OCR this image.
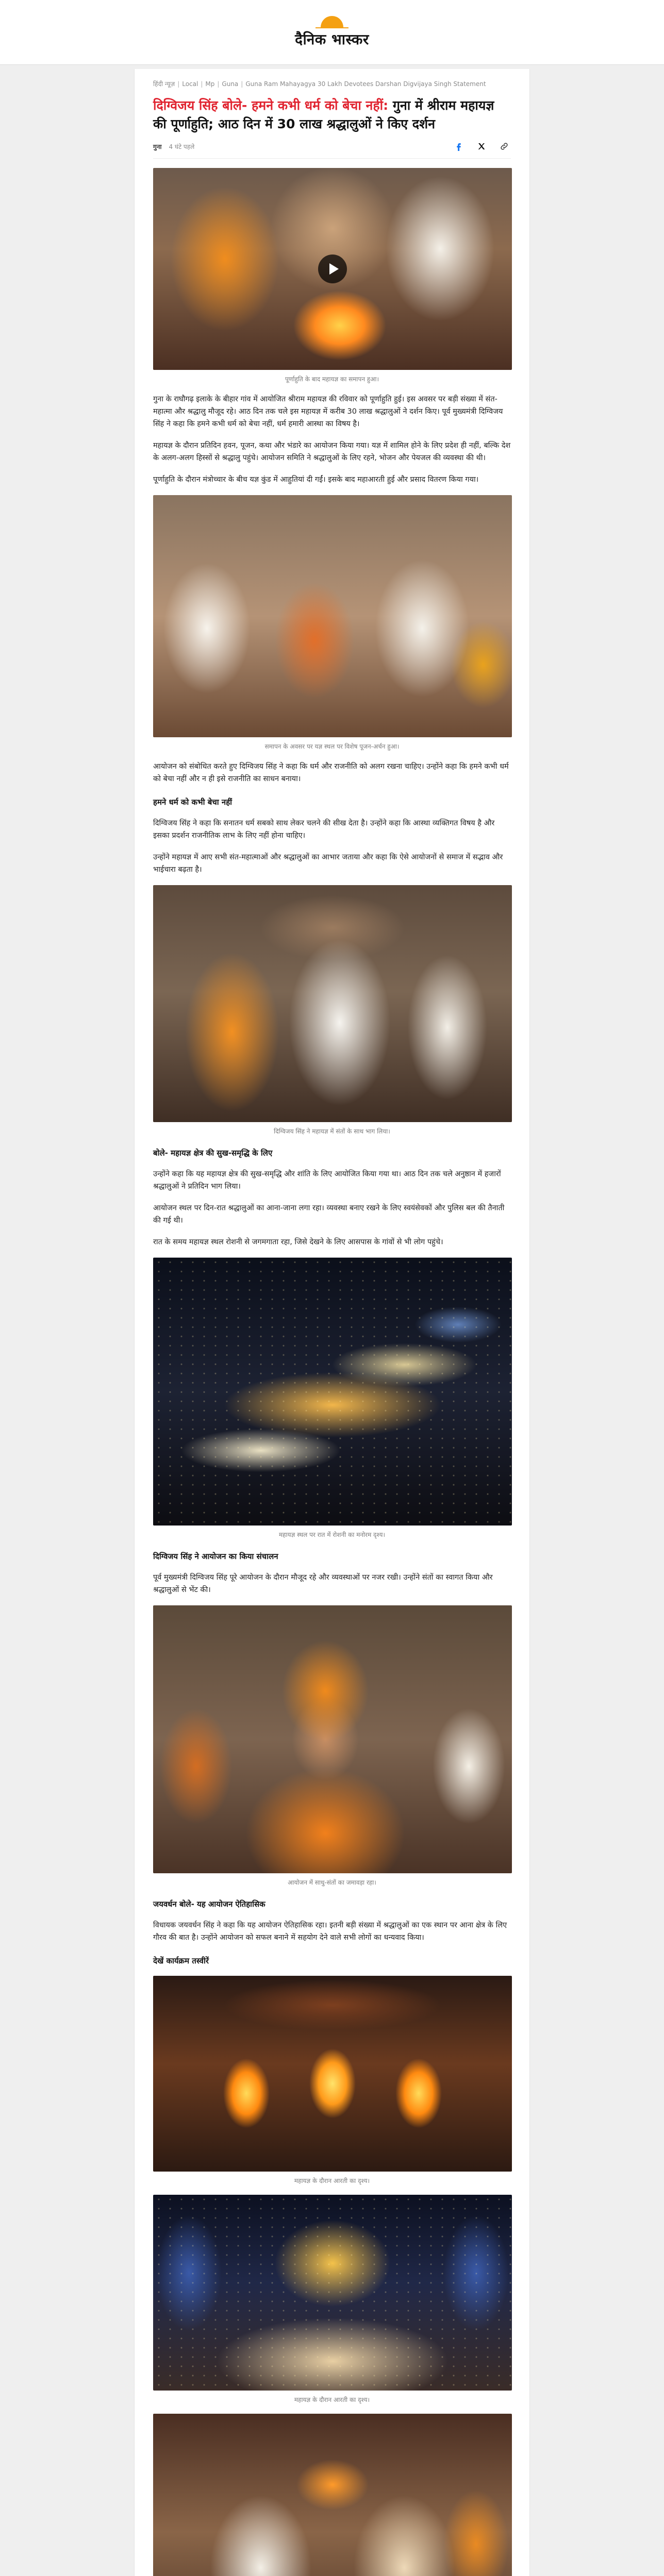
दैनिक भास्कर
हिंदी न्यूज़ | Local | Mp | Guna | Guna Ram Mahayagya 30 Lakh Devotees Darshan Digvijaya Singh Statement
दिग्विजय सिंह बोले- हमने कभी धर्म को बेचा नहीं: गुना में श्रीराम महायज्ञ की पूर्णाहुति; आठ दिन में 30 लाख श्रद्धालुओं ने किए दर्शन
गुना 4 घंटे पहले
पूर्णाहुति के बाद महायज्ञ का समापन हुआ।

गुना के राघौगढ़ इलाके के बीहार गांव में आयोजित श्रीराम महायज्ञ की रविवार को पूर्णाहुति हुई। इस अवसर पर बड़ी संख्या में संत-महात्मा और श्रद्धालु मौजूद रहे। आठ दिन तक चले इस महायज्ञ में करीब 30 लाख श्रद्धालुओं ने दर्शन किए। पूर्व मुख्यमंत्री दिग्विजय सिंह ने कहा कि हमने कभी धर्म को बेचा नहीं, धर्म हमारी आस्था का विषय है।

महायज्ञ के दौरान प्रतिदिन हवन, पूजन, कथा और भंडारे का आयोजन किया गया। यज्ञ में शामिल होने के लिए प्रदेश ही नहीं, बल्कि देश के अलग-अलग हिस्सों से श्रद्धालु पहुंचे। आयोजन समिति ने श्रद्धालुओं के लिए रहने, भोजन और पेयजल की व्यवस्था की थी।

पूर्णाहुति के दौरान मंत्रोच्चार के बीच यज्ञ कुंड में आहुतियां दी गईं। इसके बाद महाआरती हुई और प्रसाद वितरण किया गया।

समापन के अवसर पर यज्ञ स्थल पर विशेष पूजन-अर्चन हुआ।

आयोजन को संबोधित करते हुए दिग्विजय सिंह ने कहा कि धर्म और राजनीति को अलग रखना चाहिए। उन्होंने कहा कि हमने कभी धर्म को बेचा नहीं और न ही इसे राजनीति का साधन बनाया।

हमने धर्म को कभी बेचा नहीं

दिग्विजय सिंह ने कहा कि सनातन धर्म सबको साथ लेकर चलने की सीख देता है। उन्होंने कहा कि आस्था व्यक्तिगत विषय है और इसका प्रदर्शन राजनीतिक लाभ के लिए नहीं होना चाहिए।

उन्होंने महायज्ञ में आए सभी संत-महात्माओं और श्रद्धालुओं का आभार जताया और कहा कि ऐसे आयोजनों से समाज में सद्भाव और भाईचारा बढ़ता है।

दिग्विजय सिंह ने महायज्ञ में संतों के साथ भाग लिया।
बोले- महायज्ञ क्षेत्र की सुख-समृद्धि के लिए

उन्होंने कहा कि यह महायज्ञ क्षेत्र की सुख-समृद्धि और शांति के लिए आयोजित किया गया था। आठ दिन तक चले अनुष्ठान में हजारों श्रद्धालुओं ने प्रतिदिन भाग लिया।

आयोजन स्थल पर दिन-रात श्रद्धालुओं का आना-जाना लगा रहा। व्यवस्था बनाए रखने के लिए स्वयंसेवकों और पुलिस बल की तैनाती की गई थी।

रात के समय महायज्ञ स्थल रोशनी से जगमगाता रहा, जिसे देखने के लिए आसपास के गांवों से भी लोग पहुंचे।

महायज्ञ स्थल पर रात में रोशनी का मनोरम दृश्य।
दिग्विजय सिंह ने आयोजन का किया संचालन

पूर्व मुख्यमंत्री दिग्विजय सिंह पूरे आयोजन के दौरान मौजूद रहे और व्यवस्थाओं पर नजर रखी। उन्होंने संतों का स्वागत किया और श्रद्धालुओं से भेंट की।

आयोजन में साधु-संतों का जमावड़ा रहा।
जयवर्धन बोले- यह आयोजन ऐतिहासिक

विधायक जयवर्धन सिंह ने कहा कि यह आयोजन ऐतिहासिक रहा। इतनी बड़ी संख्या में श्रद्धालुओं का एक स्थान पर आना क्षेत्र के लिए गौरव की बात है। उन्होंने आयोजन को सफल बनाने में सहयोग देने वाले सभी लोगों का धन्यवाद किया।

देखें कार्यक्रम तस्वीरें
महायज्ञ के दौरान आरती का दृश्य।
महायज्ञ के दौरान आरती का दृश्य।
